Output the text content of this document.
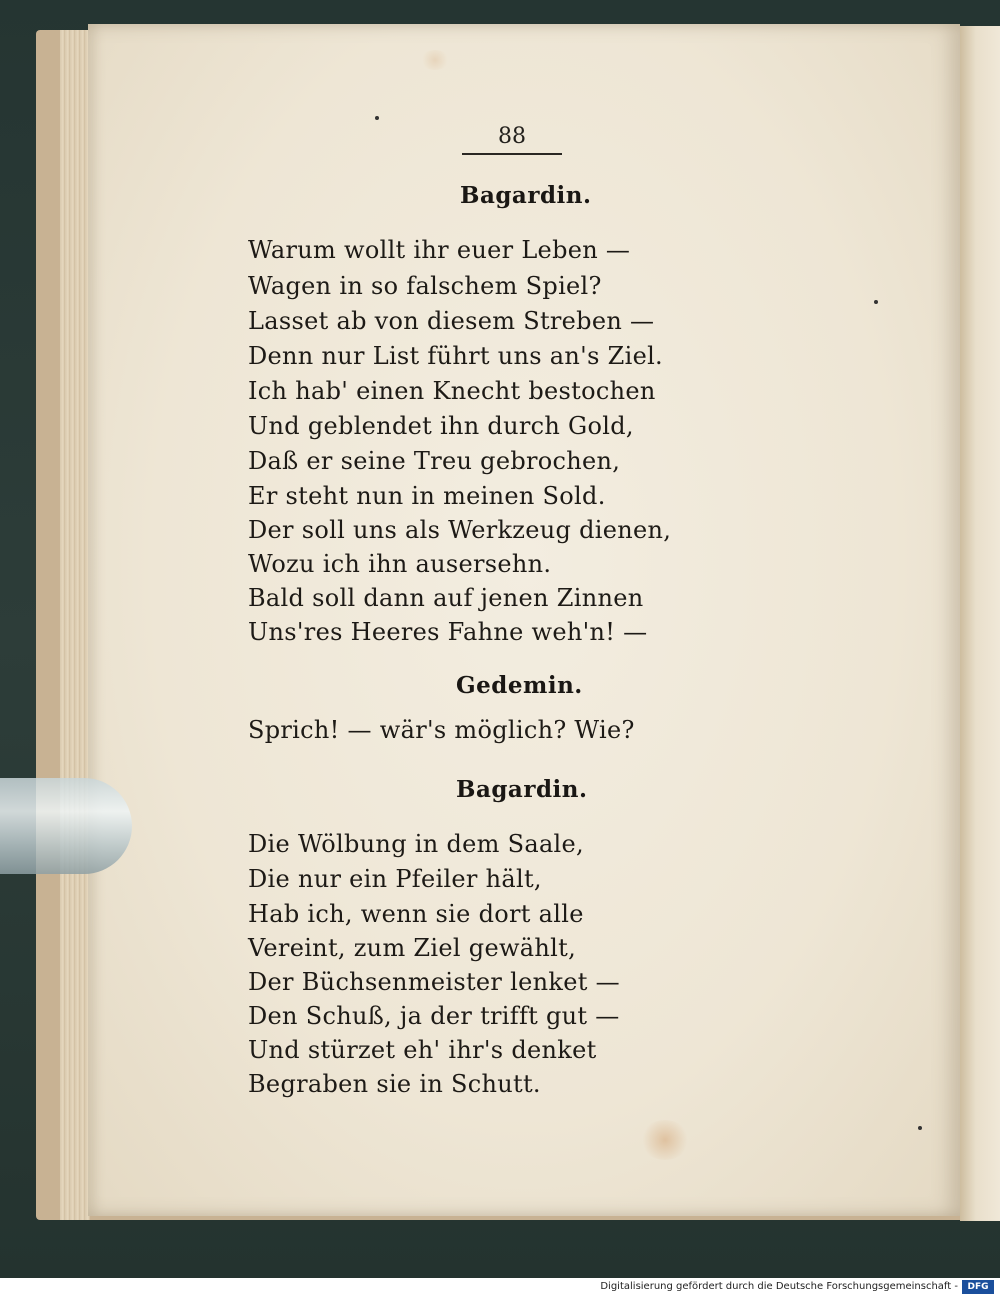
88
Bagardin.
Warum wollt ihr euer Leben —
Wagen in so falschem Spiel?
Lasset ab von diesem Streben —
Denn nur List führt uns an's Ziel.
Ich hab' einen Knecht bestochen
Und geblendet ihn durch Gold,
Daß er seine Treu gebrochen,
Er steht nun in meinen Sold.
Der soll uns als Werkzeug dienen,
Wozu ich ihn ausersehn.
Bald soll dann auf jenen Zinnen
Uns'res Heeres Fahne weh'n! —
Gedemin.
Sprich! — wär's möglich? Wie?
Bagardin.
Die Wölbung in dem Saale,
Die nur ein Pfeiler hält,
Hab ich, wenn sie dort alle
Vereint, zum Ziel gewählt,
Der Büchsenmeister lenket —
Den Schuß, ja der trifft gut —
Und stürzet eh' ihr's denket
Begraben sie in Schutt.
Digitalisierung gefördert durch die Deutsche Forschungsgemeinschaft -	DFG
